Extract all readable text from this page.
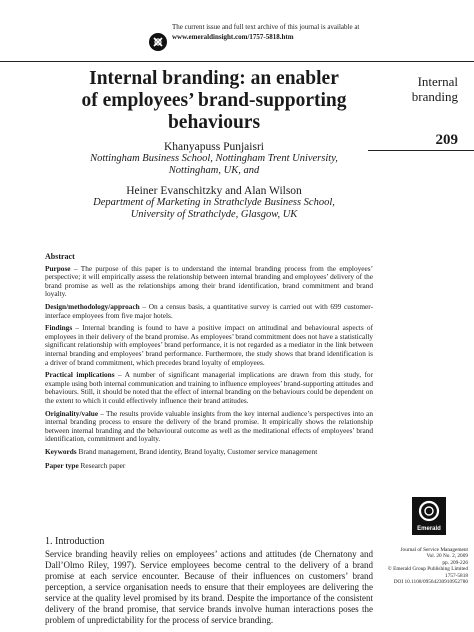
The current issue and full text archive of this journal is available at
www.emeraldinsight.com/1757-5818.htm
Internal
branding
209
Internal branding: an enabler
of employees’ brand-supporting
behaviours
Khanyapuss Punjaisri
Nottingham Business School, Nottingham Trent University,
Nottingham, UK, and
Heiner Evanschitzky and Alan Wilson
Department of Marketing in Strathclyde Business School,
University of Strathclyde, Glasgow, UK
Abstract

Purpose – The purpose of this paper is to understand the internal branding process from the employees’ perspective; it will empirically assess the relationship between internal branding and employees’ delivery of the brand promise as well as the relationships among their brand identification, brand commitment and brand loyalty.

Design/methodology/approach – On a census basis, a quantitative survey is carried out with 699 customer-interface employees from five major hotels.

Findings – Internal branding is found to have a positive impact on attitudinal and behavioural aspects of employees in their delivery of the brand promise. As employees’ brand commitment does not have a statistically significant relationship with employees’ brand performance, it is not regarded as a mediator in the link between internal branding and employees’ brand performance. Furthermore, the study shows that brand identification is a driver of brand commitment, which precedes brand loyalty of employees.

Practical implications – A number of significant managerial implications are drawn from this study, for example using both internal communication and training to influence employees’ brand-supporting attitudes and behaviours. Still, it should be noted that the effect of internal branding on the behaviours could be dependent on the extent to which it could effectively influence their brand attitudes.

Originality/value – The results provide valuable insights from the key internal audience’s perspectives into an internal branding process to ensure the delivery of the brand promise. It empirically shows the relationship between internal branding and the behavioural outcome as well as the meditational effects of employees’ brand identification, commitment and loyalty.

Keywords Brand management, Brand identity, Brand loyalty, Customer service management

Paper type Research paper

1. Introduction

Service branding heavily relies on employees’ actions and attitudes (de Chernatony and Dall’Olmo Riley, 1997). Service employees become central to the delivery of a brand promise at each service encounter. Because of their influences on customers’ brand perception, a service organisation needs to ensure that their employees are delivering the service at the quality level promised by its brand. Despite the importance of the consistent delivery of the brand promise, that service brands involve human interactions poses the problem of unpredictability for the process of service branding.

Emerald
Journal of Service Management
Vol. 20 No. 2, 2009
pp. 209-226
© Emerald Group Publishing Limited
1757-5818
DOI 10.1108/09564230910952780
